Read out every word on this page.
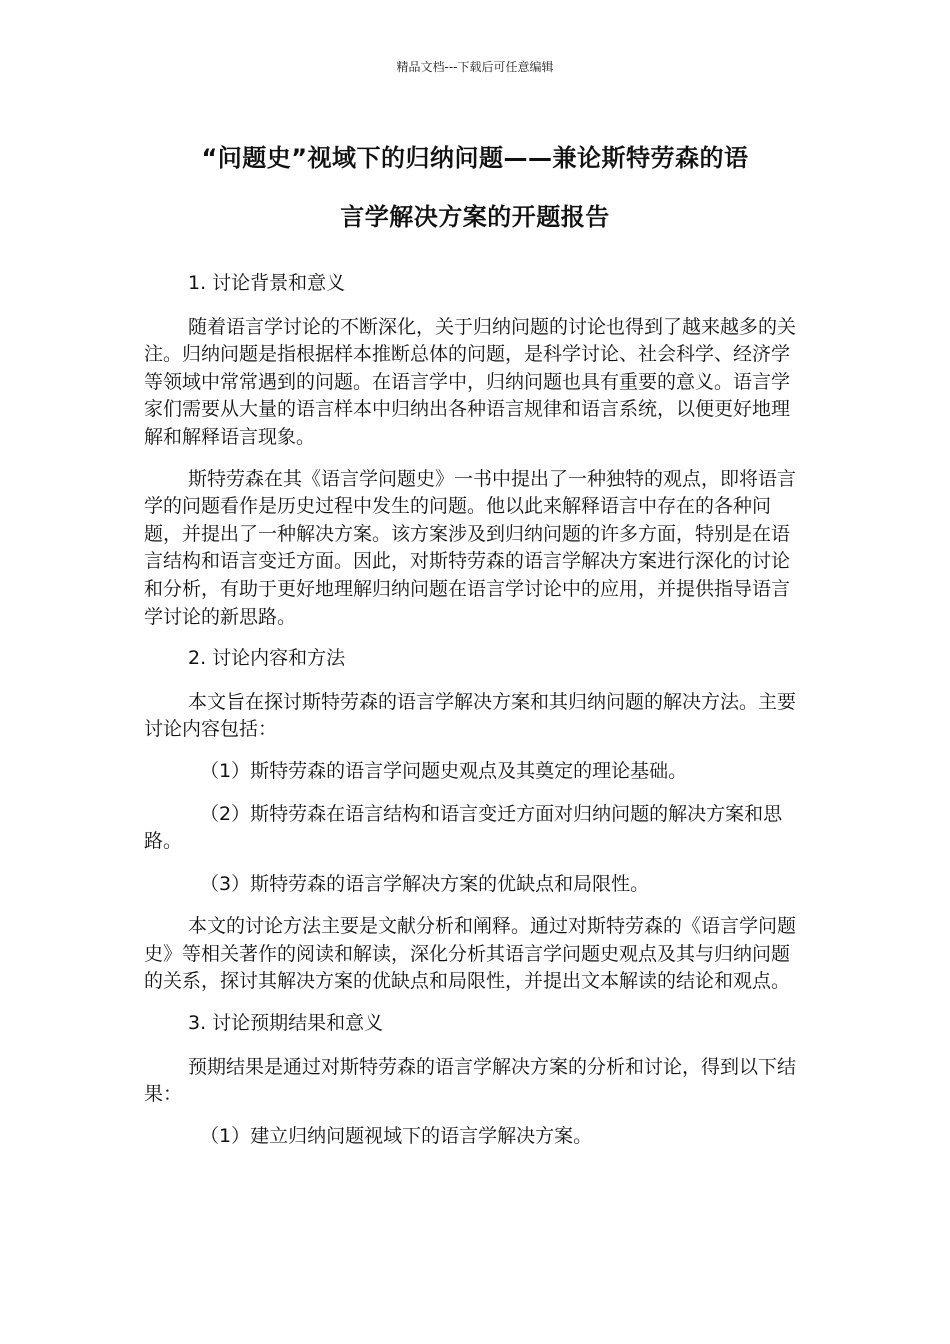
精品文档---下载后可任意编辑
“问题史”视域下的归纳问题——兼论斯特劳森的语
言学解决方案的开题报告

1. 讨论背景和意义

随着语言学讨论的不断深化，关于归纳问题的讨论也得到了越来越多的关注。归纳问题是指根据样本推断总体的问题，是科学讨论、社会科学、经济学等领域中常常遇到的问题。在语言学中，归纳问题也具有重要的意义。语言学家们需要从大量的语言样本中归纳出各种语言规律和语言系统，以便更好地理解和解释语言现象。

斯特劳森在其《语言学问题史》一书中提出了一种独特的观点，即将语言学的问题看作是历史过程中发生的问题。他以此来解释语言中存在的各种问题，并提出了一种解决方案。该方案涉及到归纳问题的许多方面，特别是在语言结构和语言变迁方面。因此，对斯特劳森的语言学解决方案进行深化的讨论和分析，有助于更好地理解归纳问题在语言学讨论中的应用，并提供指导语言学讨论的新思路。

2. 讨论内容和方法

本文旨在探讨斯特劳森的语言学解决方案和其归纳问题的解决方法。主要讨论内容包括：

（1）斯特劳森的语言学问题史观点及其奠定的理论基础。

（2）斯特劳森在语言结构和语言变迁方面对归纳问题的解决方案和思路。

（3）斯特劳森的语言学解决方案的优缺点和局限性。

本文的讨论方法主要是文献分析和阐释。通过对斯特劳森的《语言学问题史》等相关著作的阅读和解读，深化分析其语言学问题史观点及其与归纳问题的关系，探讨其解决方案的优缺点和局限性，并提出文本解读的结论和观点。

3. 讨论预期结果和意义

预期结果是通过对斯特劳森的语言学解决方案的分析和讨论，得到以下结果：

（1）建立归纳问题视域下的语言学解决方案。
